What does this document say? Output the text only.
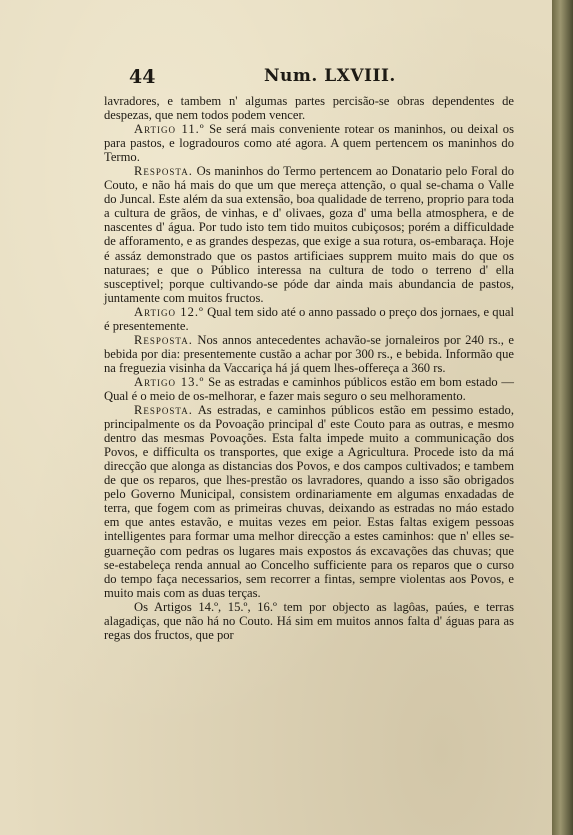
44	Num. LXVIII.

lavradores, e tambem n' algumas partes percisão-se obras dependentes de despezas, que nem todos podem vencer.

Artigo 11.º Se será mais conveniente rotear os maninhos, ou deixal os para pastos, e logradouros como até agora. A quem pertencem os maninhos do Termo.

Resposta. Os maninhos do Termo pertencem ao Donatario pelo Foral do Couto, e não há mais do que um que mereça attenção, o qual se-chama o Valle do Juncal. Este além da sua extensão, boa qualidade de terreno, proprio para toda a cultura de grãos, de vinhas, e d' olivaes, goza d' uma bella atmosphera, e de nascentes d' água. Por tudo isto tem tido muitos cubiçosos; porém a difficuldade de afforamento, e as grandes despezas, que exige a sua rotura, os-embaraça. Hoje é assáz demonstrado que os pastos artificiaes supprem muito mais do que os naturaes; e que o Público interessa na cultura de todo o terreno d' ella susceptivel; porque cultivando-se póde dar ainda mais abundancia de pastos, juntamente com muitos fructos.

Artigo 12.º Qual tem sido até o anno passado o preço dos jornaes, e qual é presentemente.

Resposta. Nos annos antecedentes achavão-se jornaleiros por 240 rs., e bebida por dia: presentemente custão a achar por 300 rs., e bebida. Informão que na freguezia visinha da Vaccariça há já quem lhes-offereça a 360 rs.

Artigo 13.º Se as estradas e caminhos públicos estão em bom estado — Qual é o meio de os-melhorar, e fazer mais seguro o seu melhoramento.

Resposta. As estradas, e caminhos públicos estão em pessimo estado, principalmente os da Povoação principal d' este Couto para as outras, e mesmo dentro das mesmas Povoações. Esta falta impede muito a communicação dos Povos, e difficulta os transportes, que exige a Agricultura. Procede isto da má direcção que alonga as distancias dos Povos, e dos campos cultivados; e tambem de que os reparos, que lhes-prestão os lavradores, quando a isso são obrigados pelo Governo Municipal, consistem ordinariamente em algumas enxadadas de terra, que fogem com as primeiras chuvas, deixando as estradas no máo estado em que antes estavão, e muitas vezes em peior. Estas faltas exigem pessoas intelligentes para formar uma melhor direcção a estes caminhos: que n' elles se-guarneção com pedras os lugares mais expostos ás excavações das chuvas; que se-estabeleça renda annual ao Concelho sufficiente para os reparos que o curso do tempo faça necessarios, sem recorrer a fintas, sempre violentas aos Povos, e muito mais com as duas terças.

Os Artigos 14.º, 15.º, 16.º tem por objecto as lagôas, paúes, e terras alagadiças, que não há no Couto. Há sim em muitos annos falta d' águas para as regas dos fructos, que por
